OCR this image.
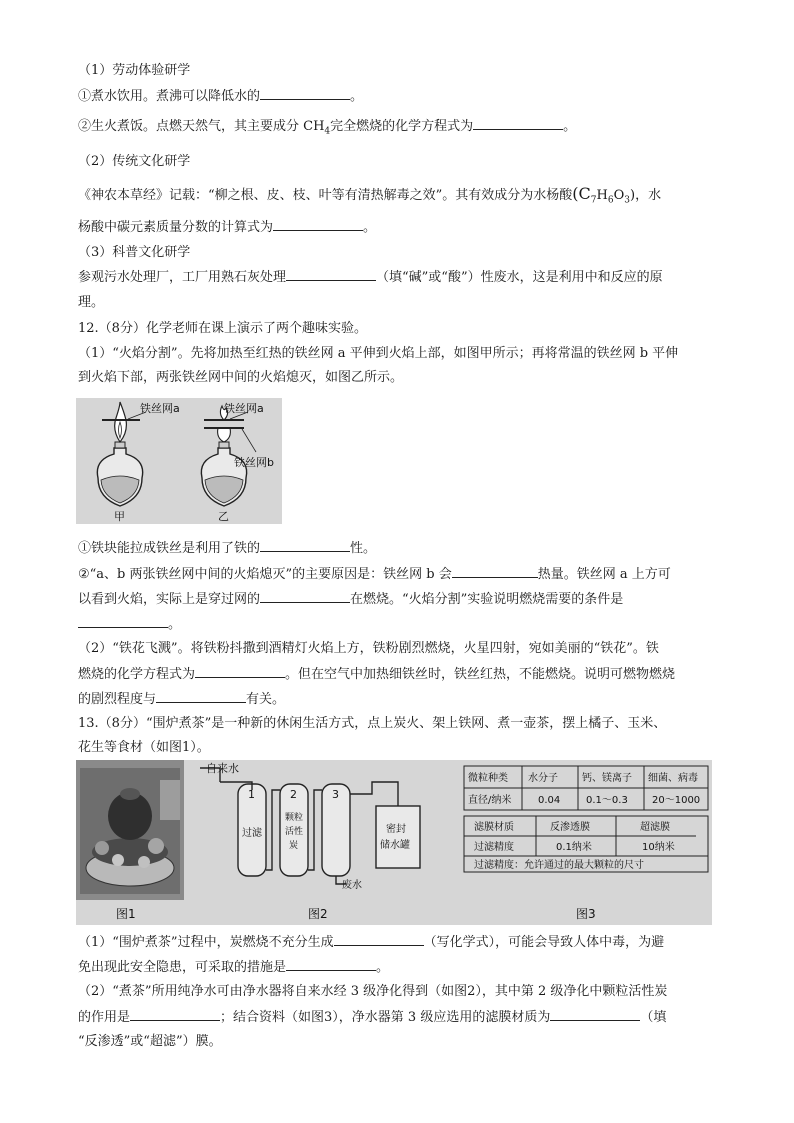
（1）劳动体验研学
①煮水饮用。煮沸可以降低水的	。
②生火煮饭。点燃天然气，其主要成分 $CH_4$完全燃烧的化学方程式为	。
（2）传统文化研学
《神农本草经》记载：“柳之根、皮、枝、叶等有清热解毒之效”。其有效成分为水杨酸$(C_7H_6O_3)$，水
杨酸中碳元素质量分数的计算式为	。
（3）科普文化研学
参观污水处理厂，工厂用熟石灰处理	（填“碱”或“酸”）性废水，这是利用中和反应的原
理。
12.（8分）化学老师在课上演示了两个趣味实验。
（1）“火焰分割”。先将加热至红热的铁丝网 a 平伸到火焰上部，如图甲所示；再将常温的铁丝网 b 平伸
到火焰下部，两张铁丝网中间的火焰熄灭，如图乙所示。
铁丝网a	铁丝网a
铁丝网b
甲	乙
①铁块能拉成铁丝是利用了铁的	性。
②“a、b 两张铁丝网中间的火焰熄灭”的主要原因是：铁丝网 b 会	热量。铁丝网 a 上方可
以看到火焰，实际上是穿过网的	在燃烧。“火焰分割”实验说明燃烧需要的条件是
。
（2）“铁花飞溅”。将铁粉抖撒到酒精灯火焰上方，铁粉剧烈燃烧，火星四射，宛如美丽的“铁花”。铁
燃烧的化学方程式为	。但在空气中加热细铁丝时，铁丝红热，不能燃烧。说明可燃物燃烧
的剧烈程度与	有关。
13.（8分）“围炉煮茶”是一种新的休闲生活方式，点上炭火、架上铁网、煮一壶茶，摆上橘子、玉米、
花生等食材（如图1）。
图1
自来水
1	2	3
过滤
颗粒
活性
炭
密封
储水罐
废水
图2
微粒种类 水分子 钙、镁离子 细菌、病毒
直径/纳米	0.04	0.1～0.3 20～1000
滤膜材质	反渗透膜	超滤膜
过滤精度	0.1纳米	10纳米
过滤精度：允许通过的最大颗粒的尺寸
图3
（1）“围炉煮茶”过程中，炭燃烧不充分生成	（写化学式），可能会导致人体中毒，为避
免出现此安全隐患，可采取的措施是	。
（2）“煮茶”所用纯净水可由净水器将自来水经 3 级净化得到（如图2），其中第 2 级净化中颗粒活性炭
的作用是	；结合资料（如图3），净水器第 3 级应选用的滤膜材质为	（填
“反渗透”或“超滤”）膜。
